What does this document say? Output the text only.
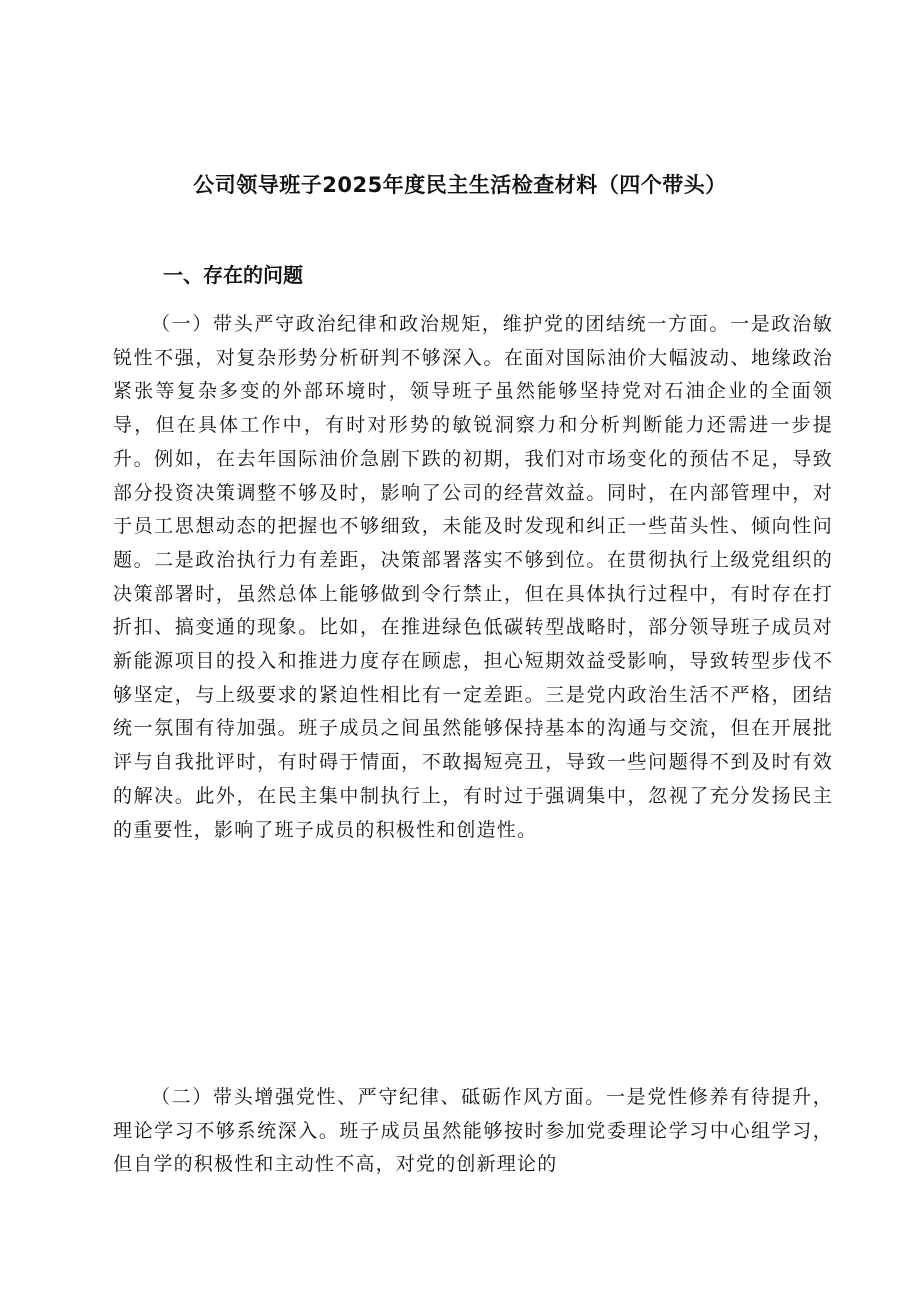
公司领导班子2025年度民主生活检查材料（四个带头）
一、存在的问题

（一）带头严守政治纪律和政治规矩，维护党的团结统一方面。一是政治敏锐性不强，对复杂形势分析研判不够深入。在面对国际油价大幅波动、地缘政治紧张等复杂多变的外部环境时，领导班子虽然能够坚持党对石油企业的全面领导，但在具体工作中，有时对形势的敏锐洞察力和分析判断能力还需进一步提升。例如，在去年国际油价急剧下跌的初期，我们对市场变化的预估不足，导致部分投资决策调整不够及时，影响了公司的经营效益。同时，在内部管理中，对于员工思想动态的把握也不够细致，未能及时发现和纠正一些苗头性、倾向性问题。二是政治执行力有差距，决策部署落实不够到位。在贯彻执行上级党组织的决策部署时，虽然总体上能够做到令行禁止，但在具体执行过程中，有时存在打折扣、搞变通的现象。比如，在推进绿色低碳转型战略时，部分领导班子成员对新能源项目的投入和推进力度存在顾虑，担心短期效益受影响，导致转型步伐不够坚定，与上级要求的紧迫性相比有一定差距。三是党内政治生活不严格，团结统一氛围有待加强。班子成员之间虽然能够保持基本的沟通与交流，但在开展批评与自我批评时，有时碍于情面，不敢揭短亮丑，导致一些问题得不到及时有效的解决。此外，在民主集中制执行上，有时过于强调集中，忽视了充分发扬民主的重要性，影响了班子成员的积极性和创造性。

（二）带头增强党性、严守纪律、砥砺作风方面。一是党性修养有待提升，理论学习不够系统深入。班子成员虽然能够按时参加党委理论学习中心组学习，但自学的积极性和主动性不高，对党的创新理论的
